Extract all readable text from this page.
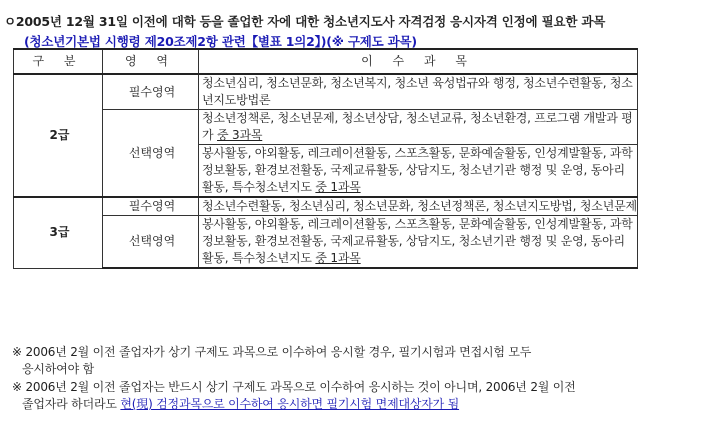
ㅇ2005년 12월 31일 이전에 대학 등을 졸업한 자에 대한 청소년지도사 자격검정 응시자격 인정에 필요한 과목
(청소년기본법 시행령 제20조제2항 관련【별표 1의2】)(※ 구제도 과목)
구 분	영 역	이 수 과 목
2급	필수영역	청소년심리, 청소년문화, 청소년복지, 청소년 육성법규와 행정, 청소년수련활동, 청소년지도방법론
	선택영역	청소년정책론, 청소년문제, 청소년상담, 청소년교류, 청소년환경, 프로그램 개발과 평가 중 3과목
		봉사활동, 야외활동, 레크레이션활동, 스포츠활동, 문화예술활동, 인성계발활동, 과학정보활동, 환경보전활동, 국제교류활동, 상담지도, 청소년기관 행정 및 운영, 동아리 활동, 특수청소년지도 중 1과목
3급	필수영역	청소년수련활동, 청소년심리, 청소년문화, 청소년정책론, 청소년지도방법, 청소년문제
	선택영역	봉사활동, 야외활동, 레크레이션활동, 스포츠활동, 문화예술활동, 인성계발활동, 과학정보활동, 환경보전활동, 국제교류활동, 상담지도, 청소년기관 행정 및 운영, 동아리 활동, 특수청소년지도 중 1과목
※ 2006년 2월 이전 졸업자가 상기 구제도 과목으로 이수하여 응시할 경우, 필기시험과 면접시험 모두
응시하여야 함
※ 2006년 2월 이전 졸업자는 반드시 상기 구제도 과목으로 이수하여 응시하는 것이 아니며, 2006년 2월 이전
졸업자라 하더라도 현(現) 검정과목으로 이수하여 응시하면 필기시험 면제대상자가 됨
